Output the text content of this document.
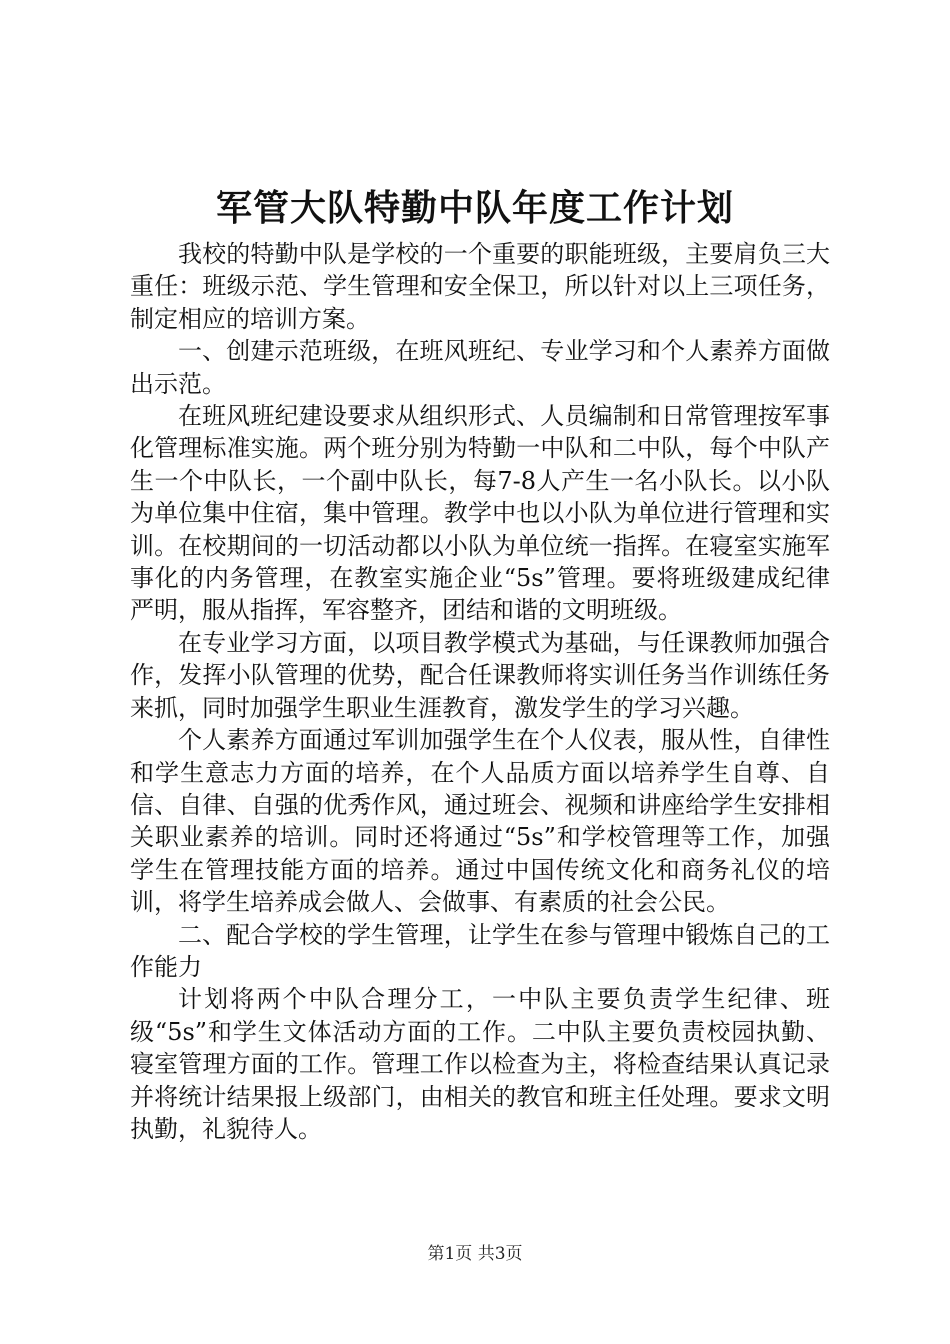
军管大队特勤中队年度工作计划

我校的特勤中队是学校的一个重要的职能班级，主要肩负三大重任：班级示范、学生管理和安全保卫，所以针对以上三项任务，制定相应的培训方案。

一、创建示范班级，在班风班纪、专业学习和个人素养方面做出示范。

在班风班纪建设要求从组织形式、人员编制和日常管理按军事化管理标准实施。两个班分别为特勤一中队和二中队，每个中队产生一个中队长，一个副中队长，每7-8人产生一名小队长。以小队为单位集中住宿，集中管理。教学中也以小队为单位进行管理和实训。在校期间的一切活动都以小队为单位统一指挥。在寝室实施军事化的内务管理，在教室实施企业“5s”管理。要将班级建成纪律严明，服从指挥，军容整齐，团结和谐的文明班级。

在专业学习方面，以项目教学模式为基础，与任课教师加强合作，发挥小队管理的优势，配合任课教师将实训任务当作训练任务来抓，同时加强学生职业生涯教育，激发学生的学习兴趣。

个人素养方面通过军训加强学生在个人仪表，服从性，自律性和学生意志力方面的培养，在个人品质方面以培养学生自尊、自信、自律、自强的优秀作风，通过班会、视频和讲座给学生安排相关职业素养的培训。同时还将通过“5s”和学校管理等工作，加强学生在管理技能方面的培养。通过中国传统文化和商务礼仪的培训，将学生培养成会做人、会做事、有素质的社会公民。

二、配合学校的学生管理，让学生在参与管理中锻炼自己的工作能力

计划将两个中队合理分工，一中队主要负责学生纪律、班级“5s”和学生文体活动方面的工作。二中队主要负责校园执勤、寝室管理方面的工作。管理工作以检查为主，将检查结果认真记录并将统计结果报上级部门，由相关的教官和班主任处理。要求文明执勤，礼貌待人。

第1页 共3页
